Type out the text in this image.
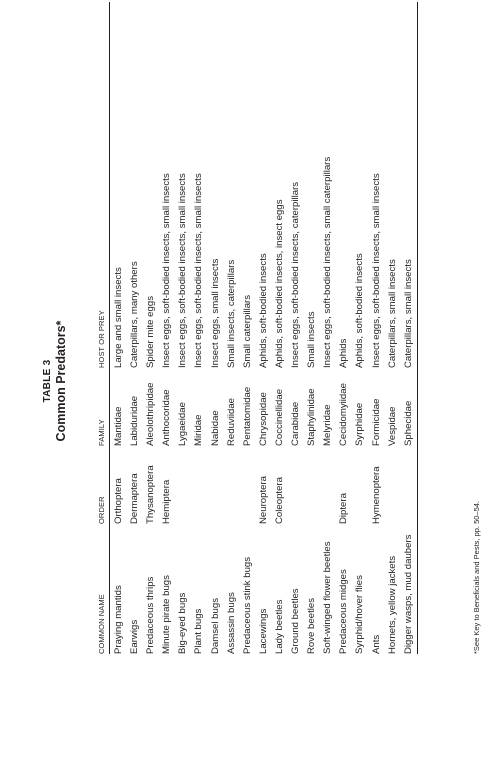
TABLE 3 Common Predators*
COMMON NAME	ORDER	FAMILY	HOST OR PREY
Praying mantids	Orthoptera	Mantidae	Large and small insects
Earwigs	Dermaptera	Labiduridae	Caterpillars, many others
Predaceous thrips	Thysanoptera	Aleolothripidae	Spider mite eggs
Minute pirate bugs	Hemiptera	Anthocoridae	Insect eggs, soft-bodied insects, small insects
Big-eyed bugs		Lygaeidae	Insect eggs, soft-bodied insects, small insects
Plant bugs		Miridae	Insect eggs, soft-bodied insects, small insects
Damsel bugs		Nabidae	Insect eggs, small insects
Assassin bugs		Reduviidae	Small insects, caterpillars
Predaceous stink bugs		Pentatomidae	Small caterpillars
Lacewings	Neuroptera	Chrysopidae	Aphids, soft-bodied insects
Lady beetles	Coleoptera	Coccinellidae	Aphids, soft-bodied insects, insect eggs
Ground beetles		Carabidae	Insect eggs, soft-bodied insects, caterpillars
Rove beetles		Staphylinidae	Small insects
Soft-winged flower beetles		Melyridae	Insect eggs, soft-bodied insects, small caterpillars
Predaceous midges	Diptera	Cecidomyiidae	Aphids
Syrphid/hover flies		Syrphidae	Aphids, soft-bodied insects
Ants	Hymenoptera	Formicidae	Insect eggs, soft-bodied insects, small insects
Hornets, yellow jackets		Vespidae	Caterpillars, small insects
Digger wasps, mud daubers		Sphecidae	Caterpillars, small insects
*See Key to Beneficials and Pests, pp. 50–54.
